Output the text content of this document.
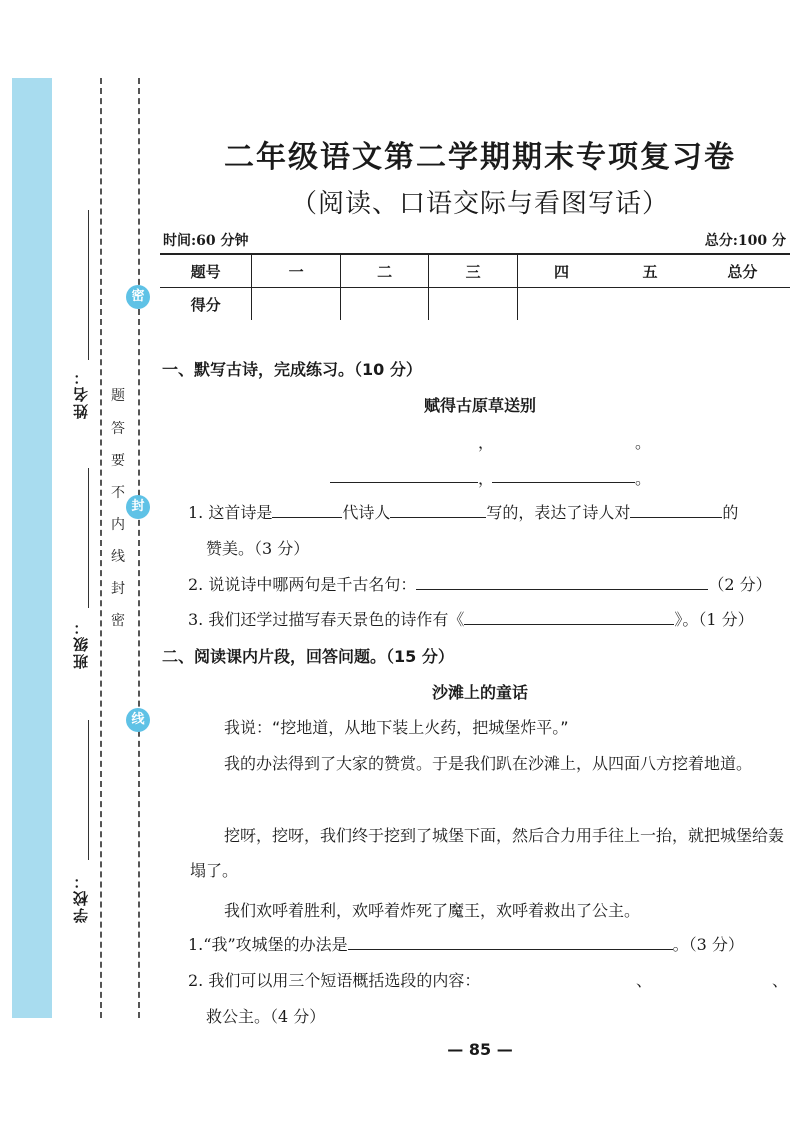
姓名：
班级：
学校：
题
答
要
不
内
线
封
密
密
封
线
二年级语文第二学期期末专项复习卷
（阅读、口语交际与看图写话）
时间:60 分钟	总分:100 分
题号	一	二	三	四	五	总分
得分						
一、默写古诗，完成练习。（10 分）
赋得古原草送别
，	。
，	。
1. 这首诗是	代诗人	写的，表达了诗人对	的
赞美。（3 分）
2. 说说诗中哪两句是千古名句：	（2 分）
3. 我们还学过描写春天景色的诗作有《	》。（1 分）
二、阅读课内片段，回答问题。（15 分）
沙滩上的童话
我说：“挖地道，从地下装上火药，把城堡炸平。”
我的办法得到了大家的赞赏。于是我们趴在沙滩上，从四面八方挖着地道。
挖呀，挖呀，我们终于挖到了城堡下面，然后合力用手往上一抬，就把城堡给轰塌了。
我们欢呼着胜利，欢呼着炸死了魔王，欢呼着救出了公主。
1.“我”攻城堡的办法是	。（3 分）
2. 我们可以用三个短语概括选段的内容：	、	、
救公主。（4 分）
— 85 —
